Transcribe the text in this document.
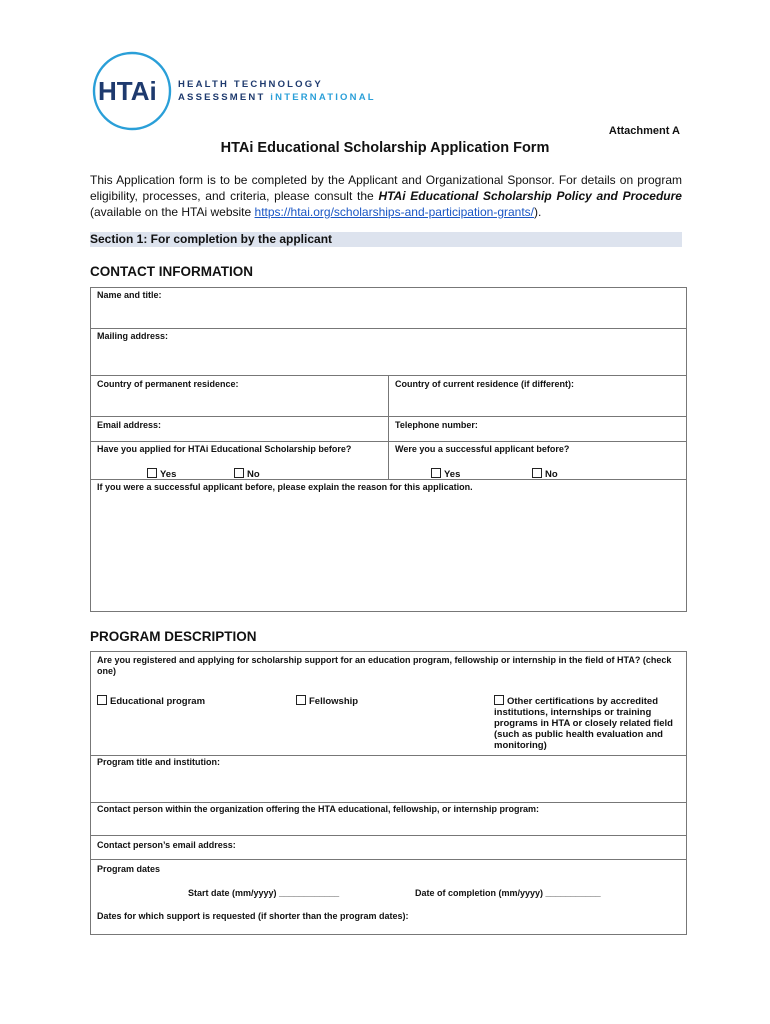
HTAi HEALTH TECHNOLOGY
ASSESSMENT iNTERNATIONAL
Attachment A
HTAi Educational Scholarship Application Form
This Application form is to be completed by the Applicant and Organizational Sponsor. For details on program eligibility, processes, and criteria, please consult the HTAi Educational Scholarship Policy and Procedure (available on the HTAi website https://htai.org/scholarships-and-participation-grants/).
Section 1: For completion by the applicant
CONTACT INFORMATION
Name and title:
Mailing address:
Country of permanent residence:	Country of current residence (if different):
Email address:	Telephone number:
Have you applied for HTAi Educational Scholarship before?
Yes	No
Were you a successful applicant before?
Yes	No
If you were a successful applicant before, please explain the reason for this application.
PROGRAM DESCRIPTION
Are you registered and applying for scholarship support for an education program, fellowship or internship in the field of HTA? (check one)
Educational program	Fellowship	Other certifications by accredited institutions, internships or training programs in HTA or closely related field (such as public health evaluation and monitoring)
Program title and institution:
Contact person within the organization offering the HTA educational, fellowship, or internship program:
Contact person’s email address:
Program dates
Start date (mm/yyyy) ____________	Date of completion (mm/yyyy) ___________
Dates for which support is requested (if shorter than the program dates):
